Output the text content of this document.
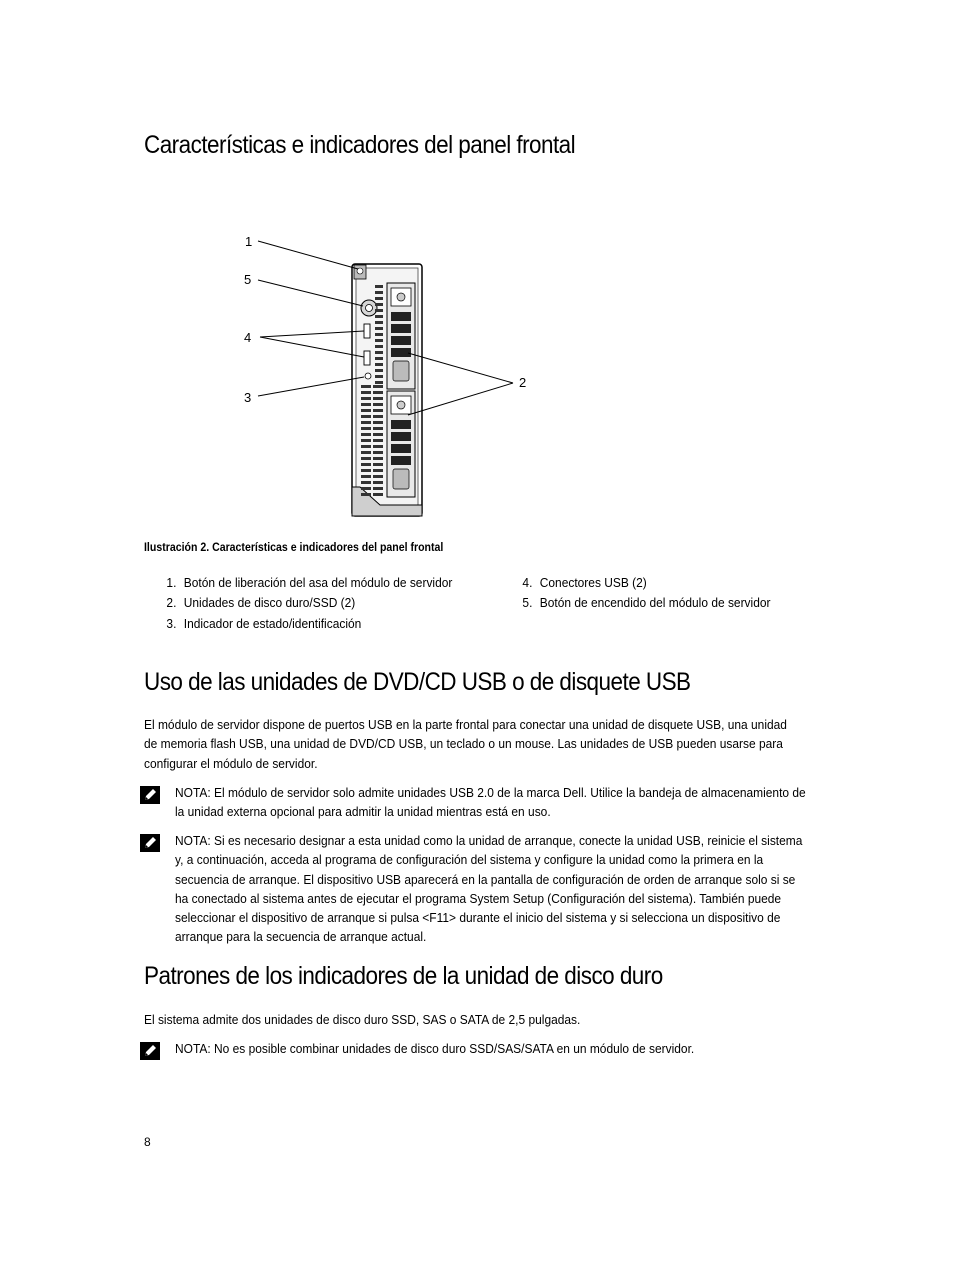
Características e indicadores del panel frontal
1
5
4
3
2
Ilustración 2. Características e indicadores del panel frontal
1. Botón de liberación del asa del módulo de servidor
2. Unidades de disco duro/SSD (2)
3. Indicador de estado/identificación
4. Conectores USB (2)
5. Botón de encendido del módulo de servidor
Uso de las unidades de DVD/CD USB o de disquete USB
El módulo de servidor dispone de puertos USB en la parte frontal para conectar una unidad de disquete USB, una unidad de memoria flash USB, una unidad de DVD/CD USB, un teclado o un mouse. Las unidades de USB pueden usarse para configurar el módulo de servidor.
NOTA: El módulo de servidor solo admite unidades USB 2.0 de la marca Dell. Utilice la bandeja de almacenamiento de la unidad externa opcional para admitir la unidad mientras está en uso.
NOTA: Si es necesario designar a esta unidad como la unidad de arranque, conecte la unidad USB, reinicie el sistema y, a continuación, acceda al programa de configuración del sistema y configure la unidad como la primera en la secuencia de arranque. El dispositivo USB aparecerá en la pantalla de configuración de orden de arranque solo si se ha conectado al sistema antes de ejecutar el programa System Setup (Configuración del sistema). También puede seleccionar el dispositivo de arranque si pulsa <F11> durante el inicio del sistema y si selecciona un dispositivo de arranque para la secuencia de arranque actual.
Patrones de los indicadores de la unidad de disco duro
El sistema admite dos unidades de disco duro SSD, SAS o SATA de 2,5 pulgadas.
NOTA: No es posible combinar unidades de disco duro SSD/SAS/SATA en un módulo de servidor.
8
